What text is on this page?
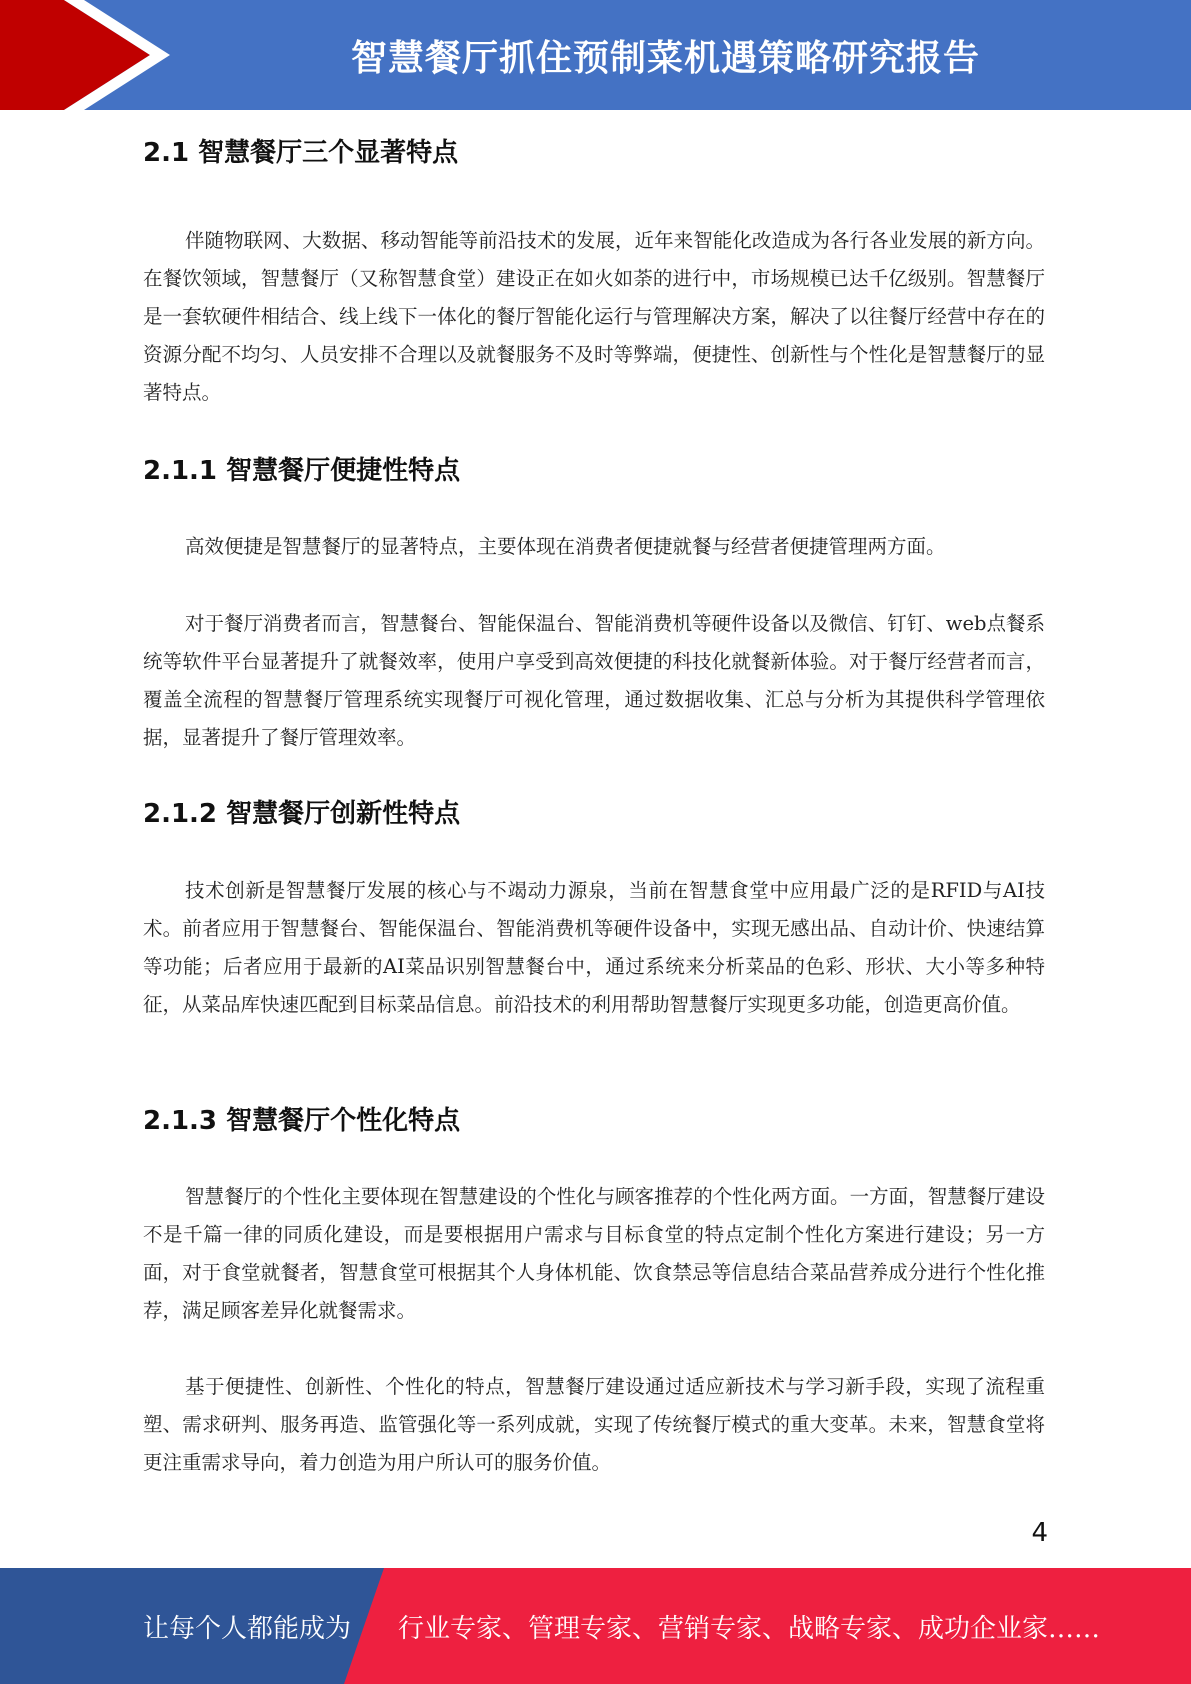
智慧餐厅抓住预制菜机遇策略研究报告
2.1 智慧餐厅三个显著特点

伴随物联网、大数据、移动智能等前沿技术的发展，近年来智能化改造成为各行各业发展的新方向。在餐饮领域，智慧餐厅（又称智慧食堂）建设正在如火如荼的进行中，市场规模已达千亿级别。智慧餐厅是一套软硬件相结合、线上线下一体化的餐厅智能化运行与管理解决方案，解决了以往餐厅经营中存在的资源分配不均匀、人员安排不合理以及就餐服务不及时等弊端，便捷性、创新性与个性化是智慧餐厅的显著特点。

2.1.1 智慧餐厅便捷性特点

高效便捷是智慧餐厅的显著特点，主要体现在消费者便捷就餐与经营者便捷管理两方面。

对于餐厅消费者而言，智慧餐台、智能保温台、智能消费机等硬件设备以及微信、钉钉、web点餐系统等软件平台显著提升了就餐效率，使用户享受到高效便捷的科技化就餐新体验。对于餐厅经营者而言，覆盖全流程的智慧餐厅管理系统实现餐厅可视化管理，通过数据收集、汇总与分析为其提供科学管理依据，显著提升了餐厅管理效率。

2.1.2 智慧餐厅创新性特点

技术创新是智慧餐厅发展的核心与不竭动力源泉，当前在智慧食堂中应用最广泛的是RFID与AI技术。前者应用于智慧餐台、智能保温台、智能消费机等硬件设备中，实现无感出品、自动计价、快速结算等功能；后者应用于最新的AI菜品识别智慧餐台中，通过系统来分析菜品的色彩、形状、大小等多种特征，从菜品库快速匹配到目标菜品信息。前沿技术的利用帮助智慧餐厅实现更多功能，创造更高价值。

2.1.3 智慧餐厅个性化特点

智慧餐厅的个性化主要体现在智慧建设的个性化与顾客推荐的个性化两方面。一方面，智慧餐厅建设不是千篇一律的同质化建设，而是要根据用户需求与目标食堂的特点定制个性化方案进行建设；另一方面，对于食堂就餐者，智慧食堂可根据其个人身体机能、饮食禁忌等信息结合菜品营养成分进行个性化推荐，满足顾客差异化就餐需求。

基于便捷性、创新性、个性化的特点，智慧餐厅建设通过适应新技术与学习新手段，实现了流程重塑、需求研判、服务再造、监管强化等一系列成就，实现了传统餐厅模式的重大变革。未来，智慧食堂将更注重需求导向，着力创造为用户所认可的服务价值。

4
让每个人都能成为 行业专家、管理专家、营销专家、战略专家、成功企业家……
